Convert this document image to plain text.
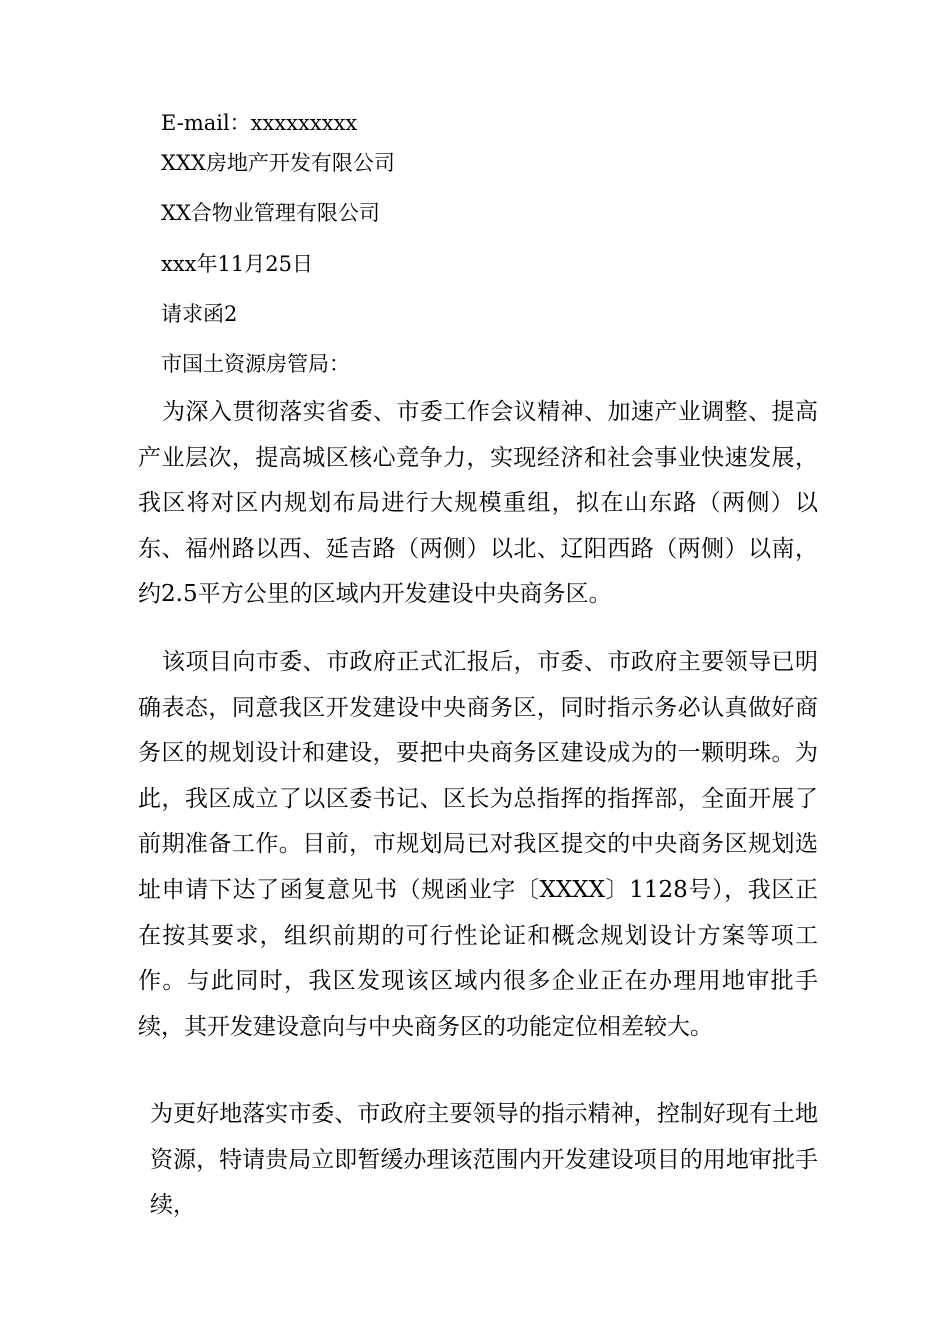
E-mail：xxxxxxxxx

XXX房地产开发有限公司

XX合物业管理有限公司

xxx年11月25日

请求函2

市国土资源房管局：

为深入贯彻落实省委、市委工作会议精神、加速产业调整、提高产业层次，提高城区核心竞争力，实现经济和社会事业快速发展，我区将对区内规划布局进行大规模重组，拟在山东路（两侧）以东、福州路以西、延吉路（两侧）以北、辽阳西路（两侧）以南，约2.5平方公里的区域内开发建设中央商务区。

该项目向市委、市政府正式汇报后，市委、市政府主要领导已明确表态，同意我区开发建设中央商务区，同时指示务必认真做好商务区的规划设计和建设，要把中央商务区建设成为的一颗明珠。为此，我区成立了以区委书记、区长为总指挥的指挥部，全面开展了前期准备工作。目前，市规划局已对我区提交的中央商务区规划选址申请下达了函复意见书（规函业字〔XXXX〕1128号），我区正在按其要求，组织前期的可行性论证和概念规划设计方案等项工作。与此同时，我区发现该区域内很多企业正在办理用地审批手续，其开发建设意向与中央商务区的功能定位相差较大。

为更好地落实市委、市政府主要领导的指示精神，控制好现有土地资源，特请贵局立即暂缓办理该范围内开发建设项目的用地审批手续，
